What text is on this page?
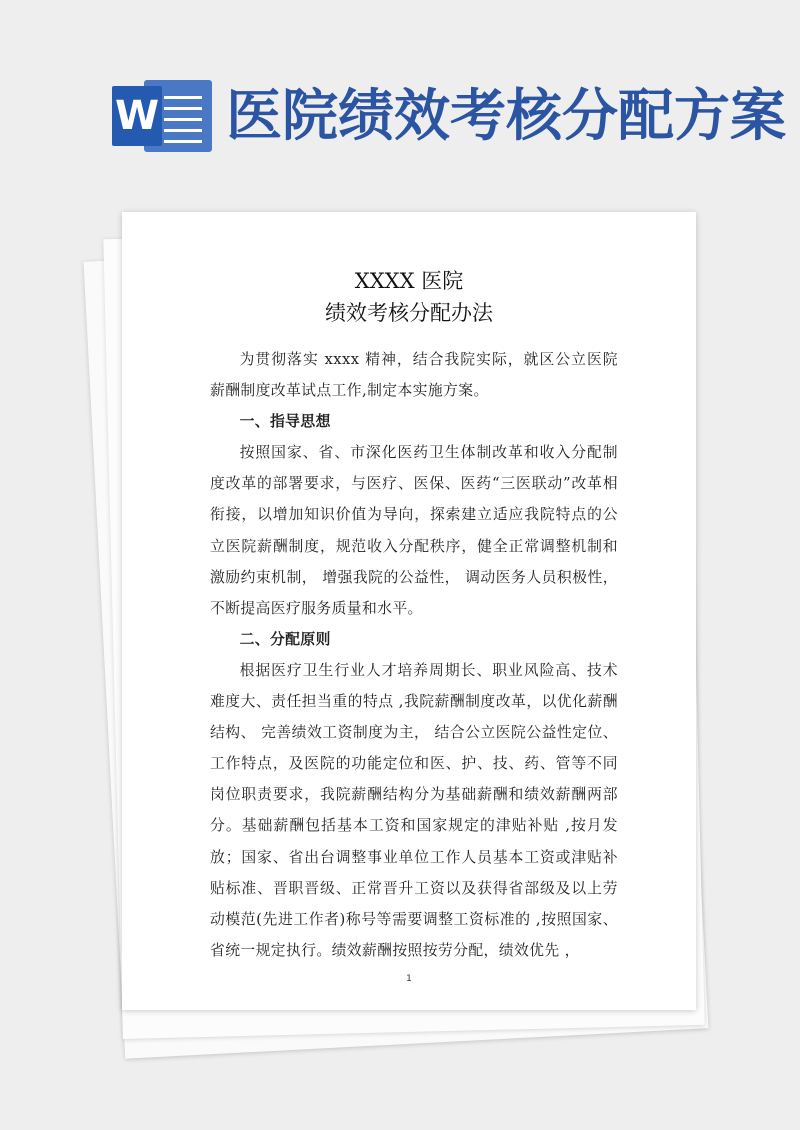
W 医院绩效考核分配方案
XXXX 医院
绩效考核分配办法

为贯彻落实 xxxx 精神，结合我院实际，就区公立医院薪酬制度改革试点工作,制定本实施方案。

一、指导思想

按照国家、省、市深化医药卫生体制改革和收入分配制度改革的部署要求，与医疗、医保、医药“三医联动”改革相衔接，以增加知识价值为导向，探索建立适应我院特点的公立医院薪酬制度，规范收入分配秩序，健全正常调整机制和激励约束机制， 增强我院的公益性， 调动医务人员积极性，不断提高医疗服务质量和水平。

二、分配原则

根据医疗卫生行业人才培养周期长、职业风险高、技术难度大、责任担当重的特点 ,我院薪酬制度改革，以优化薪酬结构、 完善绩效工资制度为主， 结合公立医院公益性定位、工作特点，及医院的功能定位和医、护、技、药、管等不同岗位职责要求，我院薪酬结构分为基础薪酬和绩效薪酬两部分。基础薪酬包括基本工资和国家规定的津贴补贴 ,按月发放；国家、省出台调整事业单位工作人员基本工资或津贴补贴标准、晋职晋级、正常晋升工资以及获得省部级及以上劳动模范(先进工作者)称号等需要调整工资标准的 ,按照国家、省统一规定执行。绩效薪酬按照按劳分配，绩效优先 ，

1
